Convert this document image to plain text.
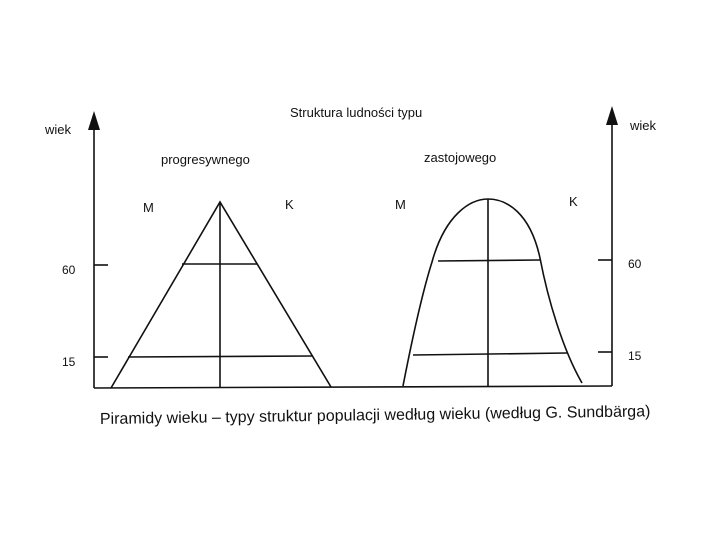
Struktura ludności typu
wiek
60
15
wiek
60
15
progresywnego
M	K
zastojowego
M	K
Piramidy wieku – typy struktur populacji według wieku (według G. Sundbärga)
